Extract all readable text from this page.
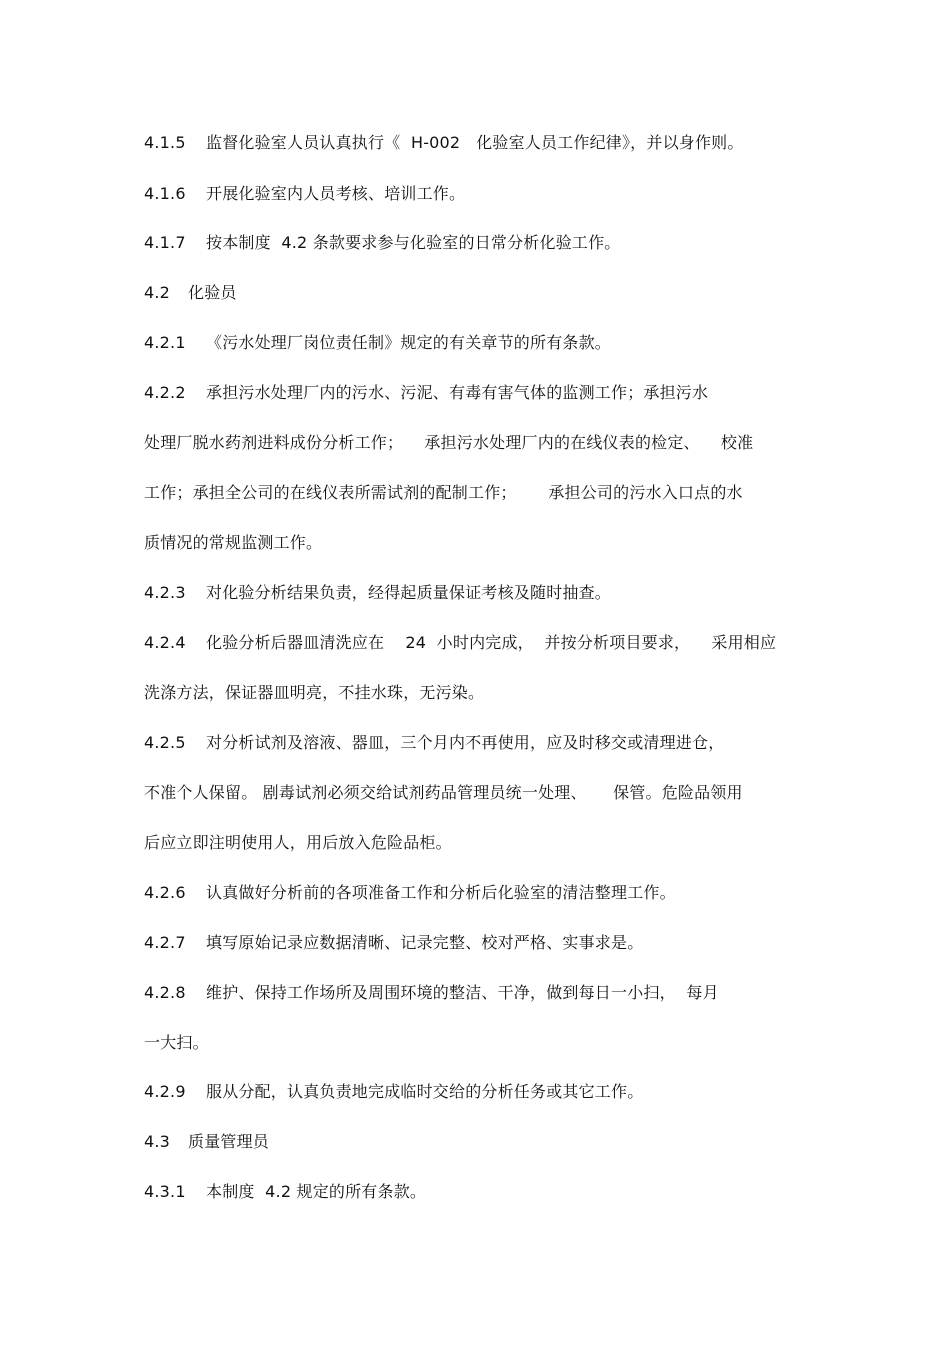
4.1.5 监督化验室人员认真执行《  H-002   化验室人员工作纪律》，并以身作则。
4.1.6 开展化验室内人员考核、培训工作。
4.1.7 按本制度  4.2 条款要求参与化验室的日常分析化验工作。
4.2 化验员
4.2.1 《污水处理厂岗位责任制》规定的有关章节的所有条款。
4.2.2 承担污水处理厂内的污水、污泥、有毒有害气体的监测工作；承担污水
处理厂脱水药剂进料成份分析工作；    承担污水处理厂内的在线仪表的检定、    校准
工作；承担全公司的在线仪表所需试剂的配制工作；      承担公司的污水入口点的水
质情况的常规监测工作。
4.2.3 对化验分析结果负责，经得起质量保证考核及随时抽查。
4.2.4 化验分析后器皿清洗应在    24  小时内完成，  并按分析项目要求，    采用相应
洗涤方法，保证器皿明亮，不挂水珠，无污染。
4.2.5 对分析试剂及溶液、器皿，三个月内不再使用，应及时移交或清理进仓，
不准个人保留。 剧毒试剂必须交给试剂药品管理员统一处理、     保管。危险品领用
后应立即注明使用人，用后放入危险品柜。
4.2.6 认真做好分析前的各项准备工作和分析后化验室的清洁整理工作。
4.2.7 填写原始记录应数据清晰、记录完整、校对严格、实事求是。
4.2.8 维护、保持工作场所及周围环境的整洁、干净，做到每日一小扫，  每月
一大扫。
4.2.9 服从分配，认真负责地完成临时交给的分析任务或其它工作。
4.3 质量管理员
4.3.1 本制度  4.2 规定的所有条款。
